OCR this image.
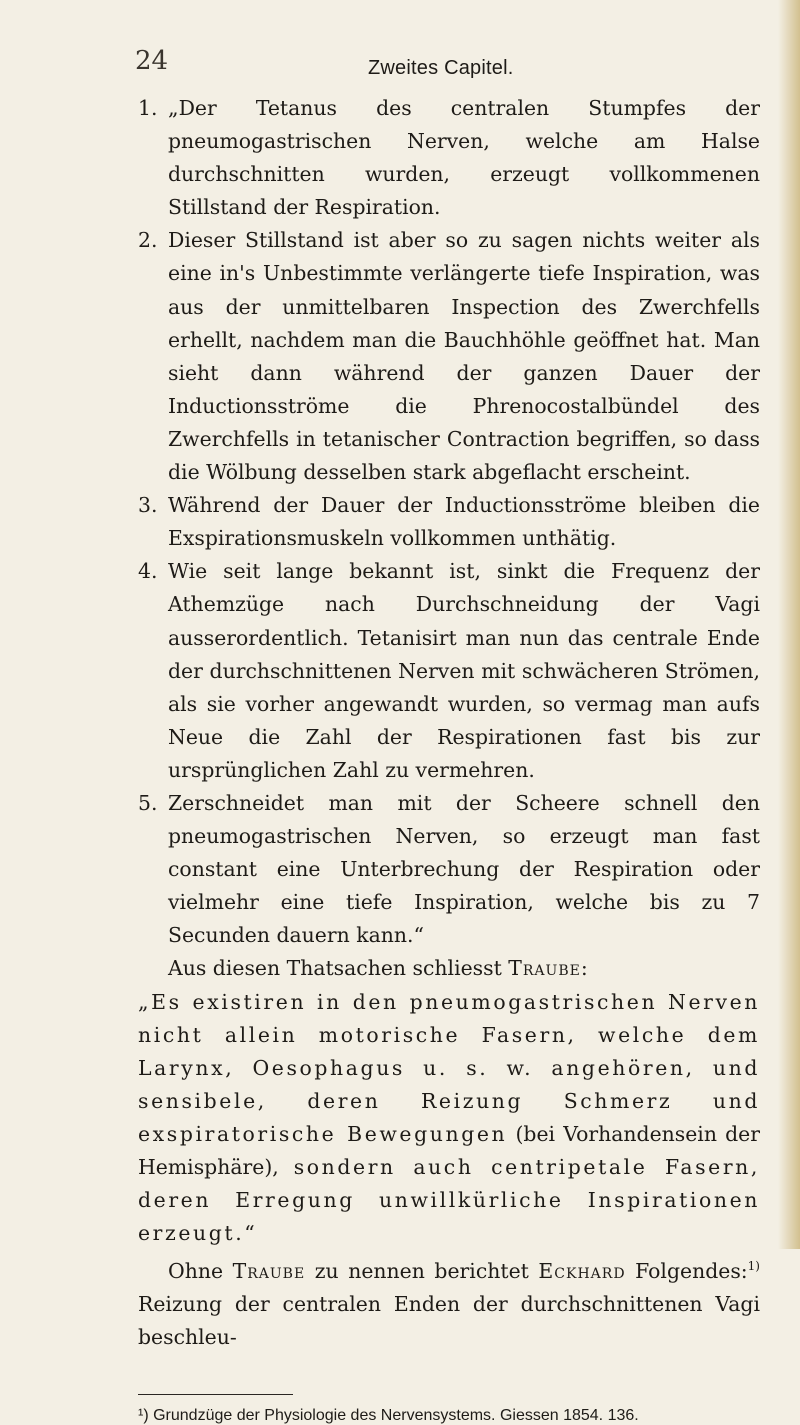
24	Zweites Capitel.

1. „Der Tetanus des centralen Stumpfes der pneumogastrischen Nerven, welche am Halse durchschnitten wurden, erzeugt vollkommenen Stillstand der Respiration.

2. Dieser Stillstand ist aber so zu sagen nichts weiter als eine in's Unbestimmte verlängerte tiefe Inspiration, was aus der unmittelbaren Inspection des Zwerchfells erhellt, nachdem man die Bauchhöhle geöffnet hat. Man sieht dann während der ganzen Dauer der Inductionsströme die Phrenocostalbündel des Zwerchfells in tetanischer Contraction begriffen, so dass die Wölbung desselben stark abgeflacht erscheint.

3. Während der Dauer der Inductionsströme bleiben die Exspirationsmuskeln vollkommen unthätig.

4. Wie seit lange bekannt ist, sinkt die Frequenz der Athemzüge nach Durchschneidung der Vagi ausserordentlich. Tetanisirt man nun das centrale Ende der durchschnittenen Nerven mit schwächeren Strömen, als sie vorher angewandt wurden, so vermag man aufs Neue die Zahl der Respirationen fast bis zur ursprünglichen Zahl zu vermehren.

5. Zerschneidet man mit der Scheere schnell den pneumogastrischen Nerven, so erzeugt man fast constant eine Unterbrechung der Respiration oder vielmehr eine tiefe Inspiration, welche bis zu 7 Secunden dauern kann.“

Aus diesen Thatsachen schliesst Traube:

„Es existiren in den pneumogastrischen Nerven nicht allein motorische Fasern, welche dem Larynx, Oesophagus u. s. w. angehören, und sensibele, deren Reizung Schmerz und exspiratorische Bewegungen (bei Vorhandensein der Hemisphäre), sondern auch centripetale Fasern, deren Erregung unwillkürliche Inspirationen erzeugt.“

Ohne Traube zu nennen berichtet Eckhard Folgendes:$^{1)}$ Reizung der centralen Enden der durchschnittenen Vagi beschleu-

¹) Grundzüge der Physiologie des Nervensystems. Giessen 1854. 136.
